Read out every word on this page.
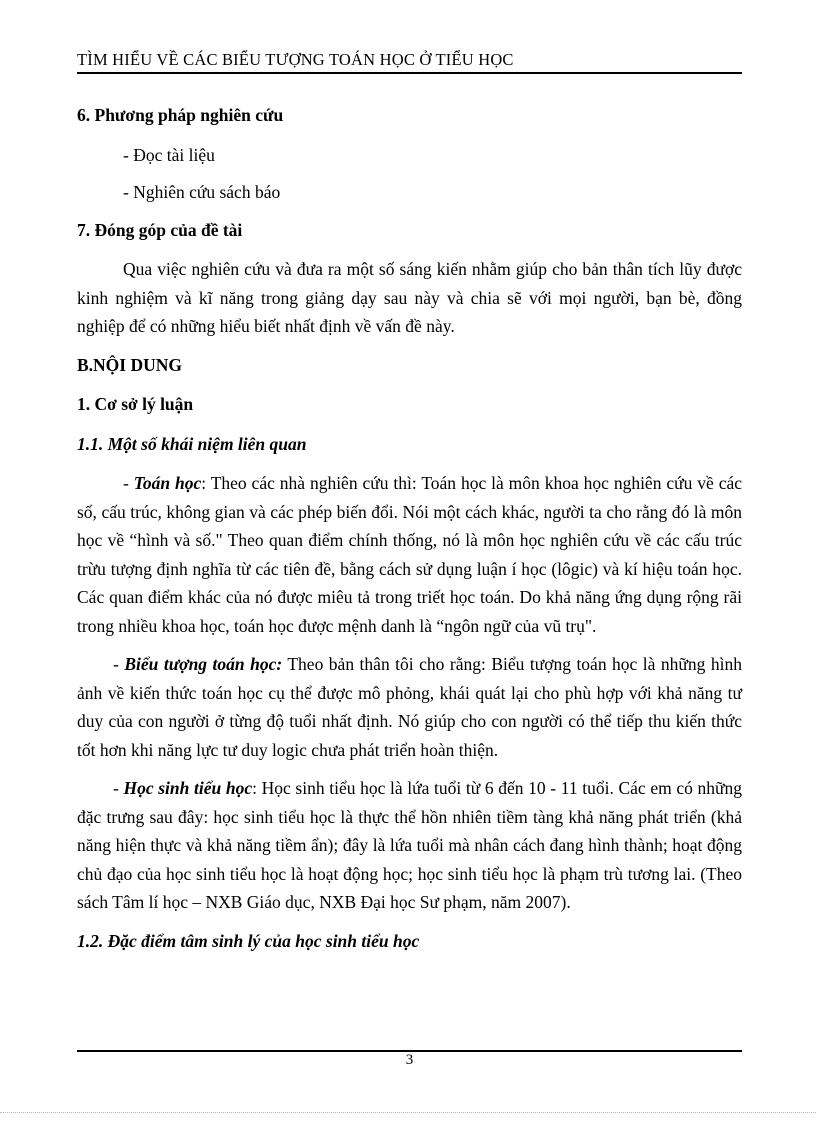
TÌM HIỂU VỀ CÁC BIỂU TƯỢNG TOÁN HỌC Ở TIỂU HỌC

6. Phương pháp nghiên cứu

- Đọc tài liệu

- Nghiên cứu sách báo

7. Đóng góp của đề tài

Qua việc nghiên cứu và đưa ra một số sáng kiến nhằm giúp cho bản thân tích lũy được kinh nghiệm và kĩ năng trong giảng dạy sau này và chia sẽ với mọi người, bạn bè, đồng nghiệp để có những hiểu biết nhất định về vấn đề này.

B.NỘI DUNG

1. Cơ sở lý luận

1.1. Một số khái niệm liên quan

- Toán học: Theo các nhà nghiên cứu thì: Toán học là môn khoa học nghiên cứu về các số, cấu trúc, không gian và các phép biến đổi. Nói một cách khác, người ta cho rằng đó là môn học về “hình và số." Theo quan điểm chính thống, nó là môn học nghiên cứu về các cấu trúc trừu tượng định nghĩa từ các tiên đề, bằng cách sử dụng luận í học (lôgic) và kí hiệu toán học. Các quan điểm khác của nó được miêu tả trong triết học toán. Do khả năng ứng dụng rộng rãi trong nhiều khoa học, toán học được mệnh danh là “ngôn ngữ của vũ trụ".

- Biểu tượng toán học: Theo bản thân tôi cho rằng: Biểu tượng toán học là những hình ảnh về kiến thức toán học cụ thể được mô phỏng, khái quát lại cho phù hợp với khả năng tư duy của con người ở từng độ tuổi nhất định. Nó giúp cho con người có thể tiếp thu kiến thức tốt hơn khi năng lực tư duy logic chưa phát triển hoàn thiện.

- Học sinh tiểu học: Học sinh tiểu học là lứa tuổi từ 6 đến 10 - 11 tuổi. Các em có những đặc trưng sau đây: học sinh tiểu học là thực thể hồn nhiên tiềm tàng khả năng phát triển (khả năng hiện thực và khả năng tiềm ẩn); đây là lứa tuổi mà nhân cách đang hình thành; hoạt động chủ đạo của học sinh tiểu học là hoạt động học; học sinh tiểu học là phạm trù tương lai. (Theo sách Tâm lí học – NXB Giáo dục, NXB Đại học Sư phạm, năm 2007).

1.2. Đặc điểm tâm sinh lý của học sinh tiểu học

3
